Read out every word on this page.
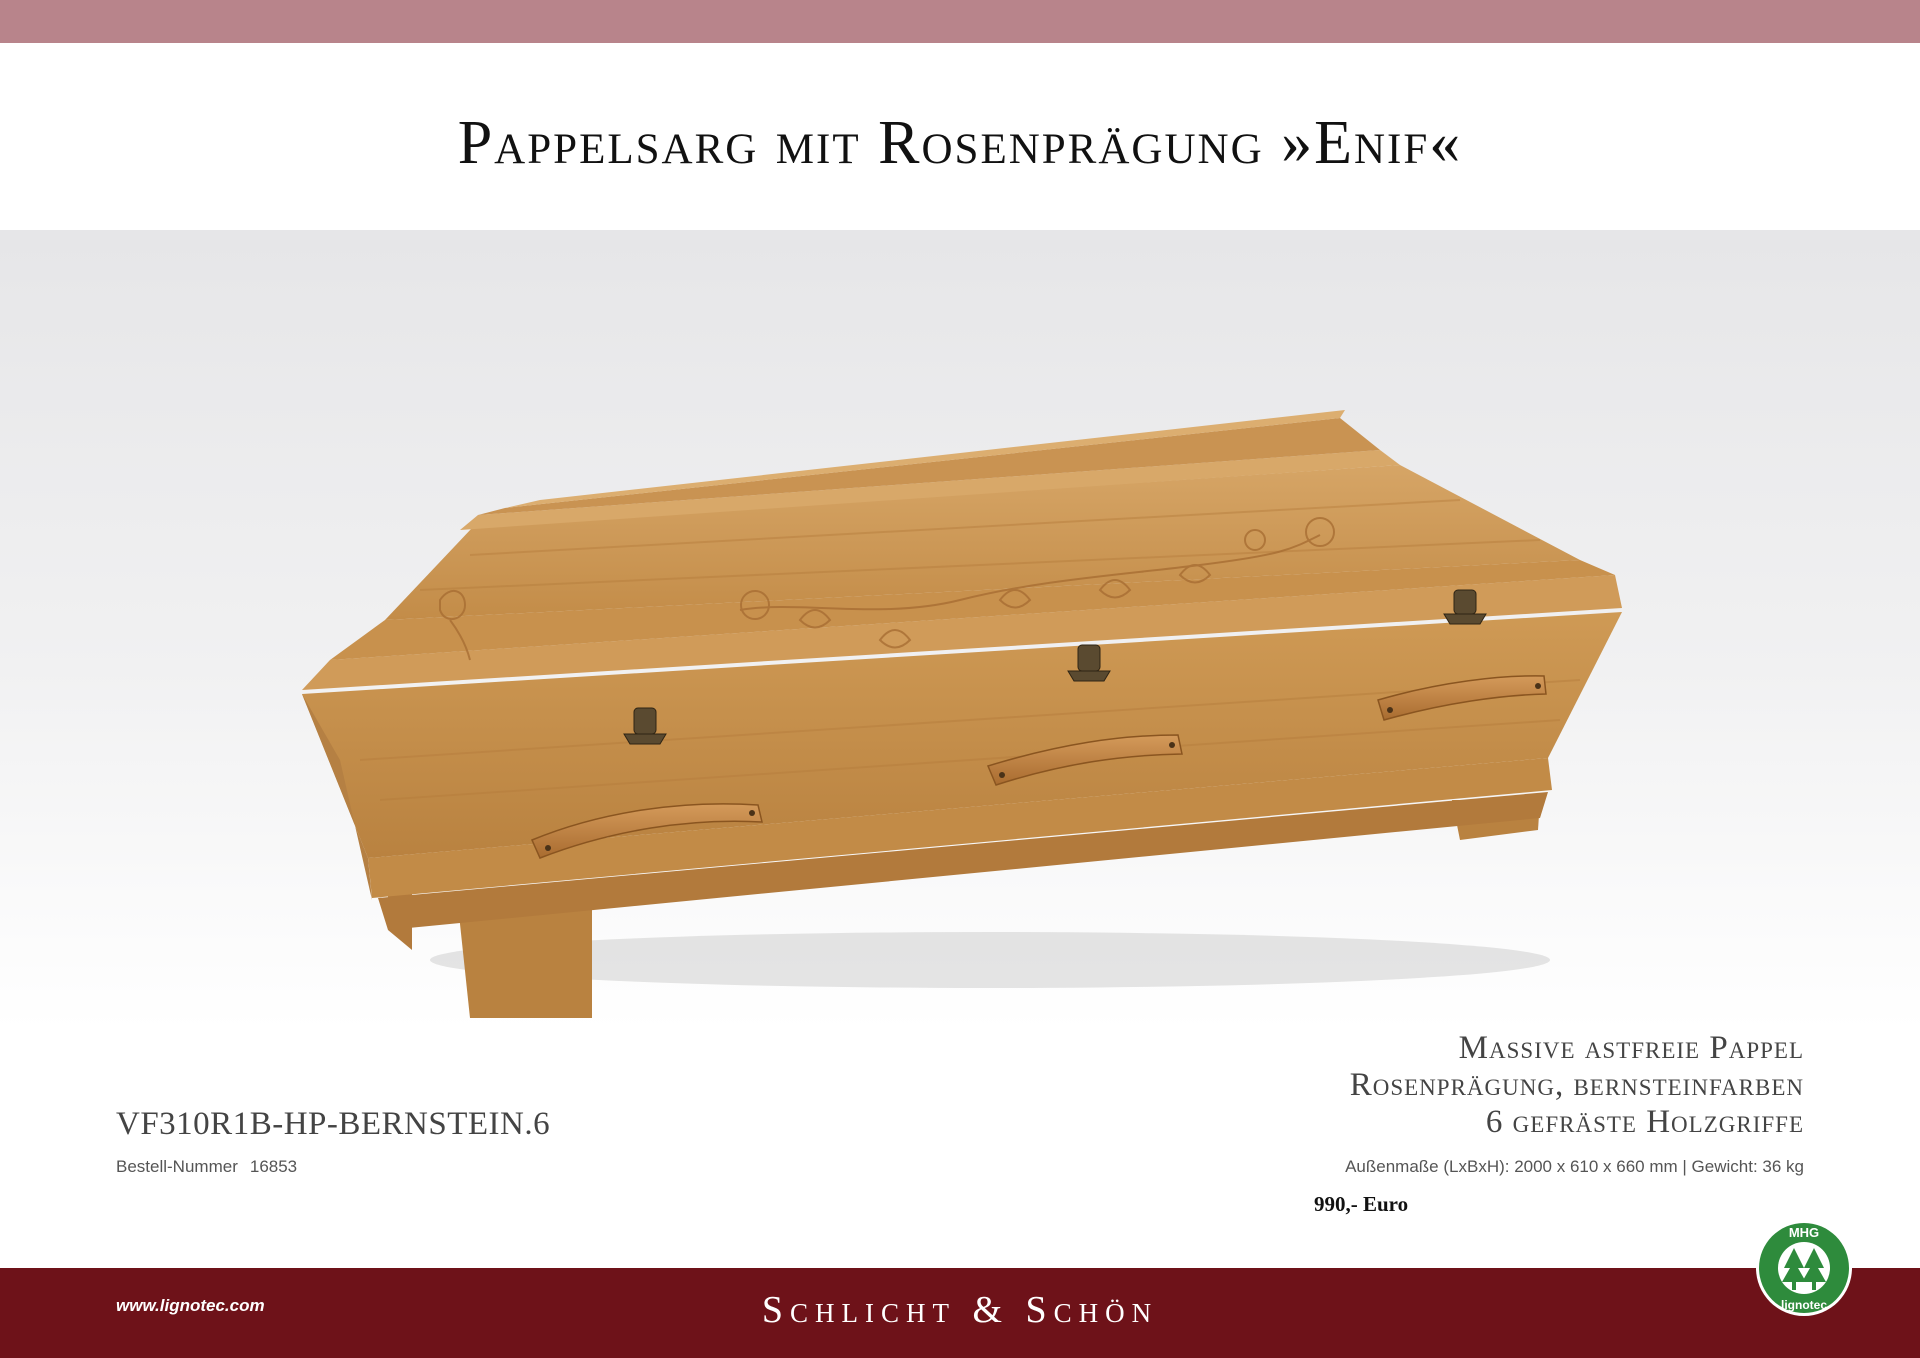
Pappelsarg mit Rosenprägung »Enif«
Massive astfreie Pappel
Rosenprägung, bernsteinfarben
6 gefräste Holzgriffe
VF310R1B-HP-BERNSTEIN.6
Bestell-Nummer 16853	Außenmaße (LxBxH): 2000 x 610 x 660 mm | Gewicht: 36 kg
990,- Euro
www.lignotec.com	Schlicht & Schön
MHG
lignotec
